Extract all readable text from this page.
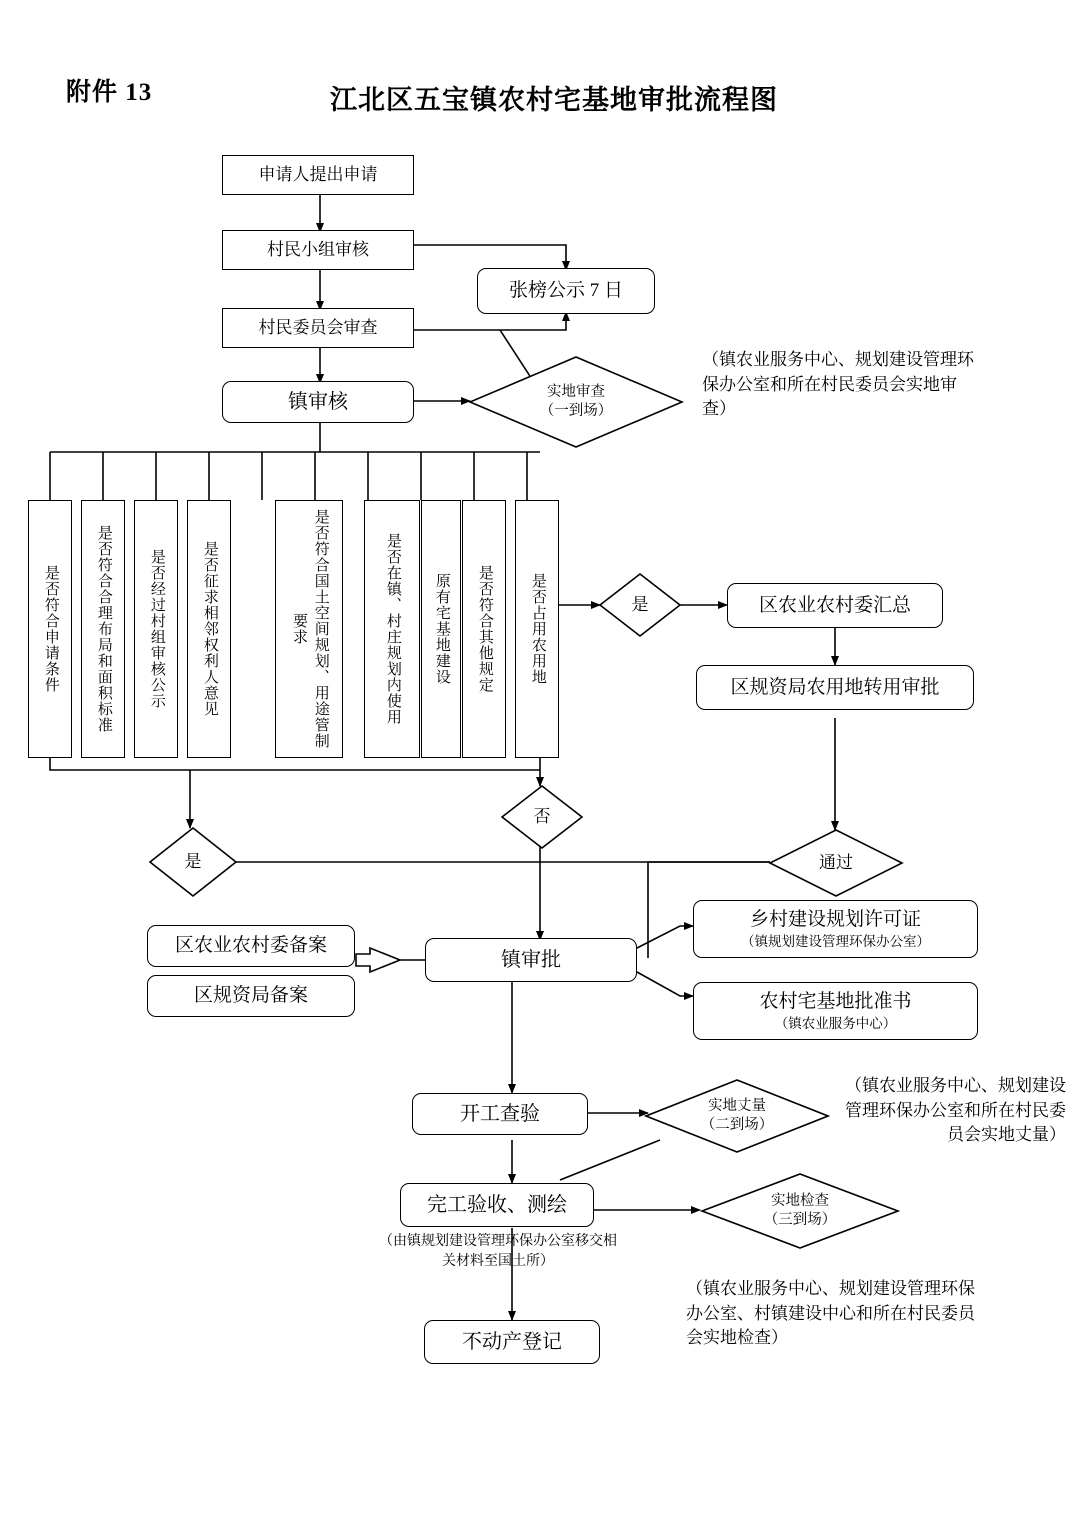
附件 13	江北区五宝镇农村宅基地审批流程图
申请人提出申请
村民小组审核
张榜公示 7 日
村民委员会审查
镇审核	实地审查
（一到场）
（镇农业服务中心、规划建设管理环保办公室和所在村民委员会实地审查）
是否符合申请条件 是否符合合理布局和面积标准 是否经过村组审核公示 是否征求相邻权利人意见	是否符合国土空间规划、用途管制要求	是否在镇、村庄规划内使用 原有宅基地建设 是否符合其他规定 是否占用农用地	是	区农业农村委汇总
区规资局农用地转用审批
否
是	通过
区农业农村委备案
区规资局备案
镇审批
乡村建设规划许可证
（镇规划建设管理环保办公室）
农村宅基地批准书
（镇农业服务中心）
开工查验	实地丈量
（二到场）
（镇农业服务中心、规划建设管理环保办公室和所在村民委员会实地丈量）
完工验收、测绘
（由镇规划建设管理环保办公室移交相关材料至国土所）
实地检查
（三到场）
（镇农业服务中心、规划建设管理环保办公室、村镇建设中心和所在村民委员会实地检查）
不动产登记
